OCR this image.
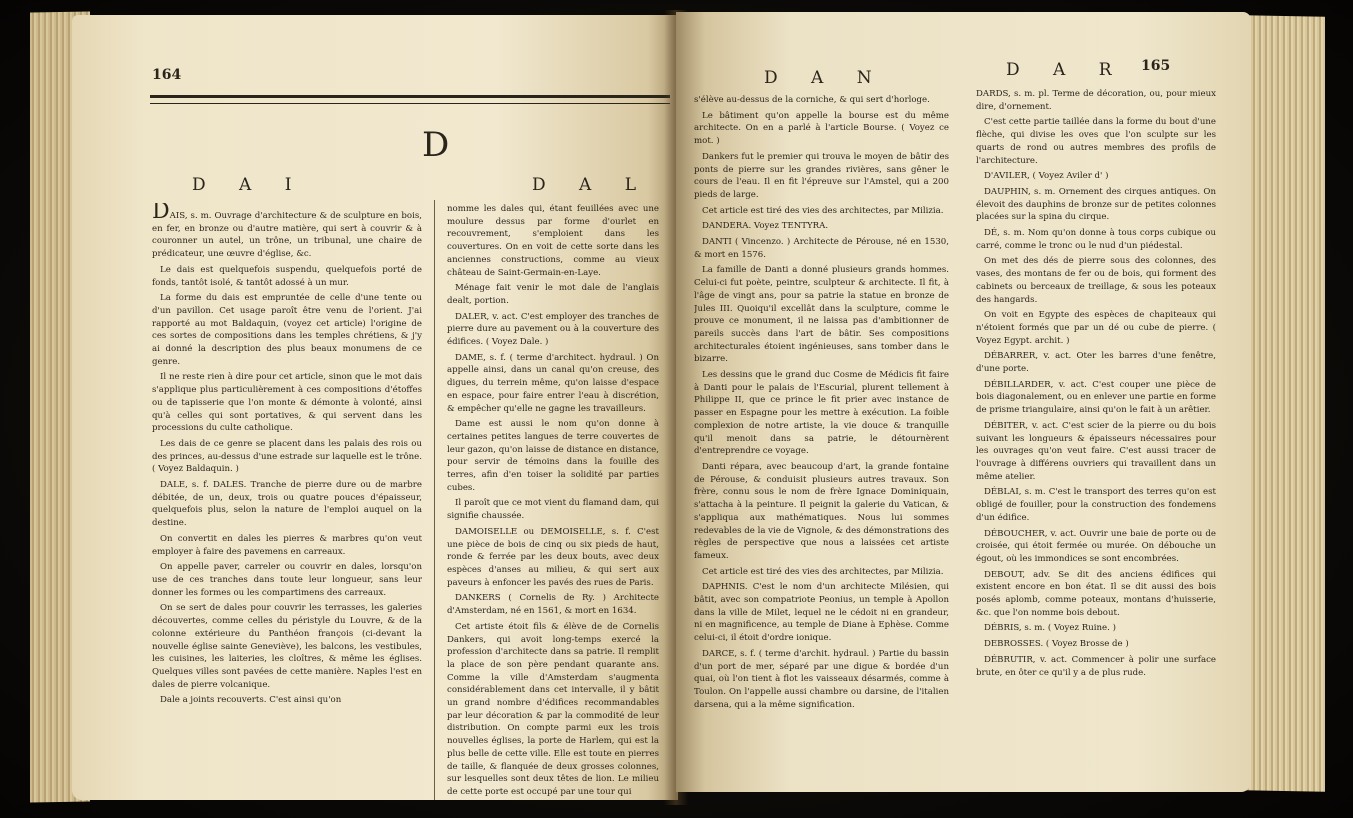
164
D
D A I	D A L

DAIS, s. m. Ouvrage d'architecture & de sculpture en bois, en fer, en bronze ou d'autre matière, qui sert à couvrir & à couronner un autel, un trône, un tribunal, une chaire de prédicateur, une œuvre d'église, &c.

Le dais est quelquefois suspendu, quelquefois porté de fonds, tantôt isolé, & tantôt adossé à un mur.

La forme du dais est empruntée de celle d'une tente ou d'un pavillon. Cet usage paroît être venu de l'orient. J'ai rapporté au mot Baldaquin, (voyez cet article) l'origine de ces sortes de compositions dans les temples chrétiens, & j'y ai donné la description des plus beaux monumens de ce genre.

Il ne reste rien à dire pour cet article, sinon que le mot dais s'applique plus particulièrement à ces compositions d'étoffes ou de tapisserie que l'on monte & démonte à volonté, ainsi qu'à celles qui sont portatives, & qui servent dans les processions du culte catholique.

Les dais de ce genre se placent dans les palais des rois ou des princes, au-dessus d'une estrade sur laquelle est le trône. ( Voyez Baldaquin. )

DALE, s. f. DALES. Tranche de pierre dure ou de marbre débitée, de un, deux, trois ou quatre pouces d'épaisseur, quelquefois plus, selon la nature de l'emploi auquel on la destine.

On convertit en dales les pierres & marbres qu'on veut employer à faire des pavemens en carreaux.

On appelle paver, carreler ou couvrir en dales, lorsqu'on use de ces tranches dans toute leur longueur, sans leur donner les formes ou les compartimens des carreaux.

On se sert de dales pour couvrir les terrasses, les galeries découvertes, comme celles du péristyle du Louvre, & de la colonne extérieure du Panthéon françois (ci-devant la nouvelle église sainte Geneviève), les balcons, les vestibules, les cuisines, les laiteries, les cloîtres, & même les églises. Quelques villes sont pavées de cette manière. Naples l'est en dales de pierre volcanique.

Dale a joints recouverts. C'est ainsi qu'on

nomme les dales qui, étant feuillées avec une moulure dessus par forme d'ourlet en recouvrement, s'emploient dans les couvertures. On en voit de cette sorte dans les anciennes constructions, comme au vieux château de Saint-Germain-en-Laye.

Ménage fait venir le mot dale de l'anglais dealt, portion.

DALER, v. act. C'est employer des tranches de pierre dure au pavement ou à la couverture des édifices. ( Voyez Dale. )

DAME, s. f. ( terme d'architect. hydraul. ) On appelle ainsi, dans un canal qu'on creuse, des digues, du terrein même, qu'on laisse d'espace en espace, pour faire entrer l'eau à discrétion, & empêcher qu'elle ne gagne les travailleurs.

Dame est aussi le nom qu'on donne à certaines petites langues de terre couvertes de leur gazon, qu'on laisse de distance en distance, pour servir de témoins dans la fouille des terres, afin d'en toiser la solidité par parties cubes.

Il paroît que ce mot vient du flamand dam, qui signifie chaussée.

DAMOISELLE ou DEMOISELLE, s. f. C'est une pièce de bois de cinq ou six pieds de haut, ronde & ferrée par les deux bouts, avec deux espèces d'anses au milieu, & qui sert aux paveurs à enfoncer les pavés des rues de Paris.

DANKERS ( Cornelis de Ry. ) Architecte d'Amsterdam, né en 1561, & mort en 1634.

Cet artiste étoit fils & élève de de Cornelis Dankers, qui avoit long-temps exercé la profession d'architecte dans sa patrie. Il remplit la place de son père pendant quarante ans. Comme la ville d'Amsterdam s'augmenta considérablement dans cet intervalle, il y bâtit un grand nombre d'édifices recommandables par leur décoration & par la commodité de leur distribution. On compte parmi eux les trois nouvelles églises, la porte de Harlem, qui est la plus belle de cette ville. Elle est toute en pierres de taille, & flanquée de deux grosses colonnes, sur lesquelles sont deux têtes de lion. Le milieu de cette porte est occupé par une tour qui

D A N	D A R 165

s'élève au-dessus de la corniche, & qui sert d'horloge.

Le bâtiment qu'on appelle la bourse est du même architecte. On en a parlé à l'article Bourse. ( Voyez ce mot. )

Dankers fut le premier qui trouva le moyen de bâtir des ponts de pierre sur les grandes rivières, sans gêner le cours de l'eau. Il en fit l'épreuve sur l'Amstel, qui a 200 pieds de large.

Cet article est tiré des vies des architectes, par Milizia.

DANDERA. Voyez TENTYRA.

DANTI ( Vincenzo. ) Architecte de Pérouse, né en 1530, & mort en 1576.

La famille de Danti a donné plusieurs grands hommes. Celui-ci fut poète, peintre, sculpteur & architecte. Il fit, à l'âge de vingt ans, pour sa patrie la statue en bronze de Jules III. Quoiqu'il excellât dans la sculpture, comme le prouve ce monument, il ne laissa pas d'ambitionner de pareils succès dans l'art de bâtir. Ses compositions architecturales étoient ingénieuses, sans tomber dans le bizarre.

Les dessins que le grand duc Cosme de Médicis fit faire à Danti pour le palais de l'Escurial, plurent tellement à Philippe II, que ce prince le fit prier avec instance de passer en Espagne pour les mettre à exécution. La foible complexion de notre artiste, la vie douce & tranquille qu'il menoit dans sa patrie, le détournèrent d'entreprendre ce voyage.

Danti répara, avec beaucoup d'art, la grande fontaine de Pérouse, & conduisit plusieurs autres travaux. Son frère, connu sous le nom de frère Ignace Dominiquain, s'attacha à la peinture. Il peignit la galerie du Vatican, & s'appliqua aux mathématiques. Nous lui sommes redevables de la vie de Vignole, & des démonstrations des règles de perspective que nous a laissées cet artiste fameux.

Cet article est tiré des vies des architectes, par Milizia.

DAPHNIS. C'est le nom d'un architecte Milésien, qui bâtit, avec son compatriote Peonius, un temple à Apollon dans la ville de Milet, lequel ne le cédoit ni en grandeur, ni en magnificence, au temple de Diane à Ephèse. Comme celui-ci, il étoit d'ordre ionique.

DARCE, s. f. ( terme d'archit. hydraul. ) Partie du bassin d'un port de mer, séparé par une digue & bordée d'un quai, où l'on tient à flot les vaisseaux désarmés, comme à Toulon. On l'appelle aussi chambre ou darsine, de l'italien darsena, qui a la même signification.

DARDS, s. m. pl. Terme de décoration, ou, pour mieux dire, d'ornement.

C'est cette partie taillée dans la forme du bout d'une flèche, qui divise les oves que l'on sculpte sur les quarts de rond ou autres membres des profils de l'architecture.

D'AVILER, ( Voyez Aviler d' )

DAUPHIN, s. m. Ornement des cirques antiques. On élevoit des dauphins de bronze sur de petites colonnes placées sur la spina du cirque.

DÉ, s. m. Nom qu'on donne à tous corps cubique ou carré, comme le tronc ou le nud d'un piédestal.

On met des dés de pierre sous des colonnes, des vases, des montans de fer ou de bois, qui forment des cabinets ou berceaux de treillage, & sous les poteaux des hangards.

On voit en Egypte des espèces de chapiteaux qui n'étoient formés que par un dé ou cube de pierre. ( Voyez Egypt. archit. )

DÉBARRER, v. act. Oter les barres d'une fenêtre, d'une porte.

DÉBILLARDER, v. act. C'est couper une pièce de bois diagonalement, ou en enlever une partie en forme de prisme triangulaire, ainsi qu'on le fait à un arêtier.

DÉBITER, v. act. C'est scier de la pierre ou du bois suivant les longueurs & épaisseurs nécessaires pour les ouvrages qu'on veut faire. C'est aussi tracer de l'ouvrage à différens ouvriers qui travaillent dans un même atelier.

DÉBLAI, s. m. C'est le transport des terres qu'on est obligé de fouiller, pour la construction des fondemens d'un édifice.

DÉBOUCHER, v. act. Ouvrir une baie de porte ou de croisée, qui étoit fermée ou murée. On débouche un égout, où les immondices se sont encombrées.

DEBOUT, adv. Se dit des anciens édifices qui existent encore en bon état. Il se dit aussi des bois posés aplomb, comme poteaux, montans d'huisserie, &c. que l'on nomme bois debout.

DÉBRIS, s. m. ( Voyez Ruine. )

DEBROSSES. ( Voyez Brosse de )

DÉBRUTIR, v. act. Commencer à polir une surface brute, en ôter ce qu'il y a de plus rude.
